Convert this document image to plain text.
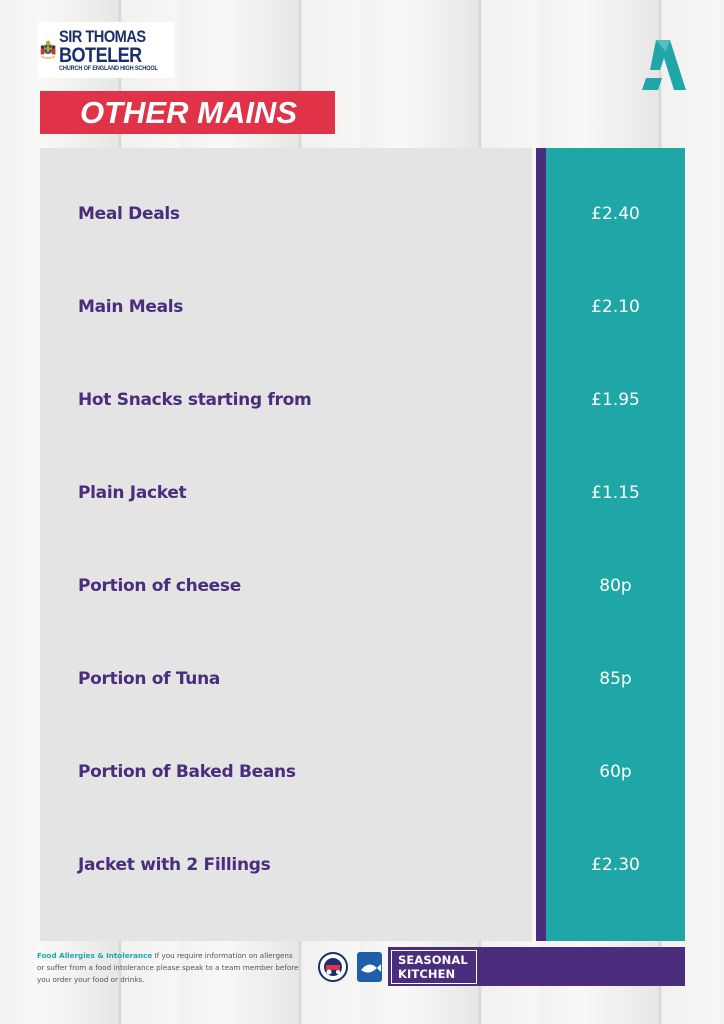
SIR THOMAS
BOTELER
CHURCH OF ENGLAND HIGH SCHOOL
OTHER MAINS
Meal Deals	£2.40
Main Meals	£2.10
Hot Snacks starting from	£1.95
Plain Jacket	£1.15
Portion of cheese	80p
Portion of Tuna	85p
Portion of Baked Beans	60p
Jacket with 2 Fillings	£2.30
Food Allergies & Intolerance If you require information on allergens or suffer from a food intolerance please speak to a team member before you order your food or drinks.
SEASONAL
KITCHEN
